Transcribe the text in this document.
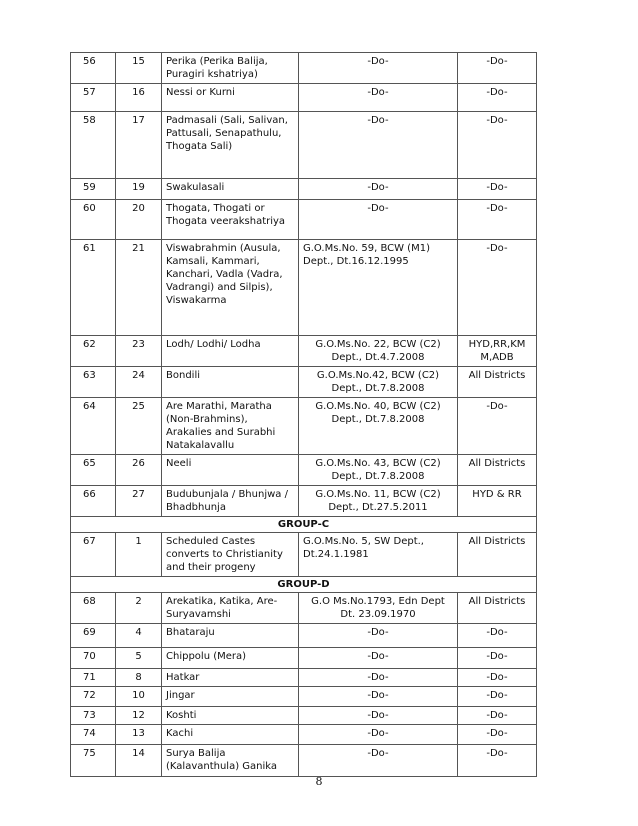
56	15	Perika (Perika Balija, Puragiri kshatriya)	-Do-	-Do-
57	16	Nessi or Kurni	-Do-	-Do-
58	17	Padmasali (Sali, Salivan, Pattusali, Senapathulu, Thogata Sali)	-Do-	-Do-
59	19	Swakulasali	-Do-	-Do-
60	20	Thogata, Thogati or Thogata veerakshatriya	-Do-	-Do-
61	21	Viswabrahmin (Ausula, Kamsali, Kammari, Kanchari, Vadla (Vadra, Vadrangi) and Silpis), Viswakarma	G.O.Ms.No. 59, BCW (M1) Dept., Dt.16.12.1995	-Do-
62	23	Lodh/ Lodhi/ Lodha	G.O.Ms.No. 22, BCW (C2) Dept., Dt.4.7.2008	HYD,RR,KM M,ADB
63	24	Bondili	G.O.Ms.No.42, BCW (C2) Dept., Dt.7.8.2008	All Districts
64	25	Are Marathi, Maratha (Non-Brahmins), Arakalies and Surabhi Natakalavallu	G.O.Ms.No. 40, BCW (C2) Dept., Dt.7.8.2008	-Do-
65	26	Neeli	G.O.Ms.No. 43, BCW (C2) Dept., Dt.7.8.2008	All Districts
66	27	Budubunjala / Bhunjwa / Bhadbhunja	G.O.Ms.No. 11, BCW (C2) Dept., Dt.27.5.2011	HYD & RR
GROUP-C				
67	1	Scheduled Castes converts to Christianity and their progeny	G.O.Ms.No. 5, SW Dept., Dt.24.1.1981	All Districts
GROUP-D				
68	2	Arekatika, Katika, Are-Suryavamshi	G.O Ms.No.1793, Edn Dept Dt. 23.09.1970	All Districts
69	4	Bhataraju	-Do-	-Do-
70	5	Chippolu (Mera)	-Do-	-Do-
71	8	Hatkar	-Do-	-Do-
72	10	Jingar	-Do-	-Do-
73	12	Koshti	-Do-	-Do-
74	13	Kachi	-Do-	-Do-
75	14	Surya Balija (Kalavanthula) Ganika	-Do-	-Do-
8
